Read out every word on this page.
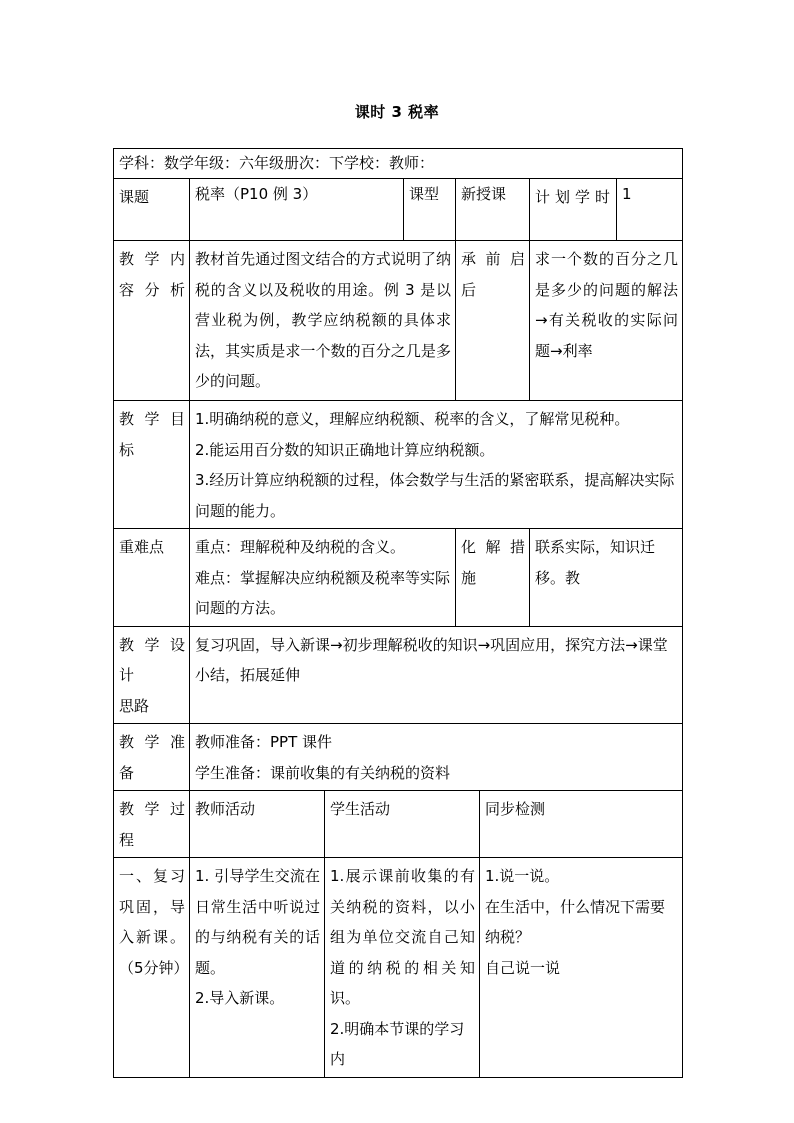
课时 3 税率
学科：数学年级：六年级册次：下学校：教师：							
课题	税率（P10 例 3）		课型	新授课		计 划 学 时	1
教 学 内 容分析	教材首先通过图文结合的方式说明了纳税的含义以及税收的用途。例 3 是以营业税为例，教学应纳税额的具体求法，其实质是求一个数的百分之几是多少的问题。			承 前 启 后		求一个数的百分之几是多少的问题的解法→有关税收的实际问题→利率	
教 学 目 标	1.明确纳税的意义，理解应纳税额、税率的含义，了解常见税种。
2.能运用百分数的知识正确地计算应纳税额。
3.经历计算应纳税额的过程，体会数学与生活的紧密联系，提高解决实际问题的能力。						

重难点	重点：理解税种及纳税的含义。
难点：掌握解决应纳税额及税率等实际问题的方法。			化 解 措 施		联系实际，知识迁移。教	

教 学 设 计
思路	复习巩固，导入新课→初步理解税收的知识→巩固应用，探究方法→课堂小结，拓展延伸						
教 学 准 备	教师准备：PPT 课件
学生准备：课前收集的有关纳税的资料						

教 学 过 程	教师活动	学生活动			同步检测		
一、复习巩固，导入新课。（5分钟）	1. 引导学生交流在日常生活中听说过的与纳税有关的话题。
2.导入新课。	1.展示课前收集的有关纳税的资料，以小组为单位交流自己知道的纳税的相关知识。
2.明确本节课的学习内			1.说一说。
在生活中，什么情况下需要纳税？
自己说一说		
